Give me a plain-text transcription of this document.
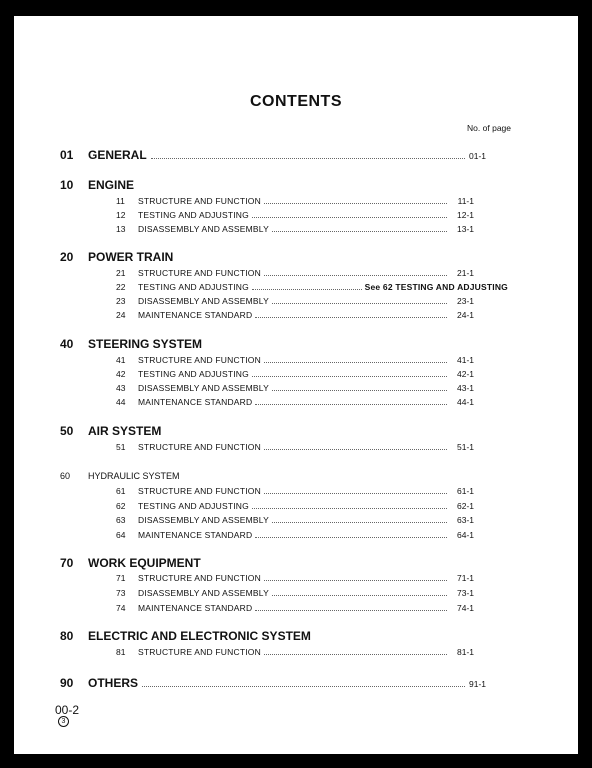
CONTENTS
No. of page
01 GENERAL	01-1
10 ENGINE
11	STRUCTURE AND FUNCTION	11-1
12	TESTING AND ADJUSTING	12-1
13	DISASSEMBLY AND ASSEMBLY	13-1
20 POWER TRAIN
21	STRUCTURE AND FUNCTION	21-1
22	TESTING AND ADJUSTING	See 62 TESTING AND ADJUSTING
23	DISASSEMBLY AND ASSEMBLY	23-1
24	MAINTENANCE STANDARD	24-1
40 STEERING SYSTEM
41	STRUCTURE AND FUNCTION	41-1
42	TESTING AND ADJUSTING	42-1
43	DISASSEMBLY AND ASSEMBLY	43-1
44	MAINTENANCE STANDARD	44-1
50 AIR SYSTEM
51	STRUCTURE AND FUNCTION	51-1
60 HYDRAULIC SYSTEM
61	STRUCTURE AND FUNCTION	61-1
62	TESTING AND ADJUSTING	62-1
63	DISASSEMBLY AND ASSEMBLY	63-1
64	MAINTENANCE STANDARD	64-1
70 WORK EQUIPMENT
71	STRUCTURE AND FUNCTION	71-1
73	DISASSEMBLY AND ASSEMBLY	73-1
74	MAINTENANCE STANDARD	74-1
80 ELECTRIC AND ELECTRONIC SYSTEM
81	STRUCTURE AND FUNCTION	81-1
90 OTHERS	91-1
00-2
3
